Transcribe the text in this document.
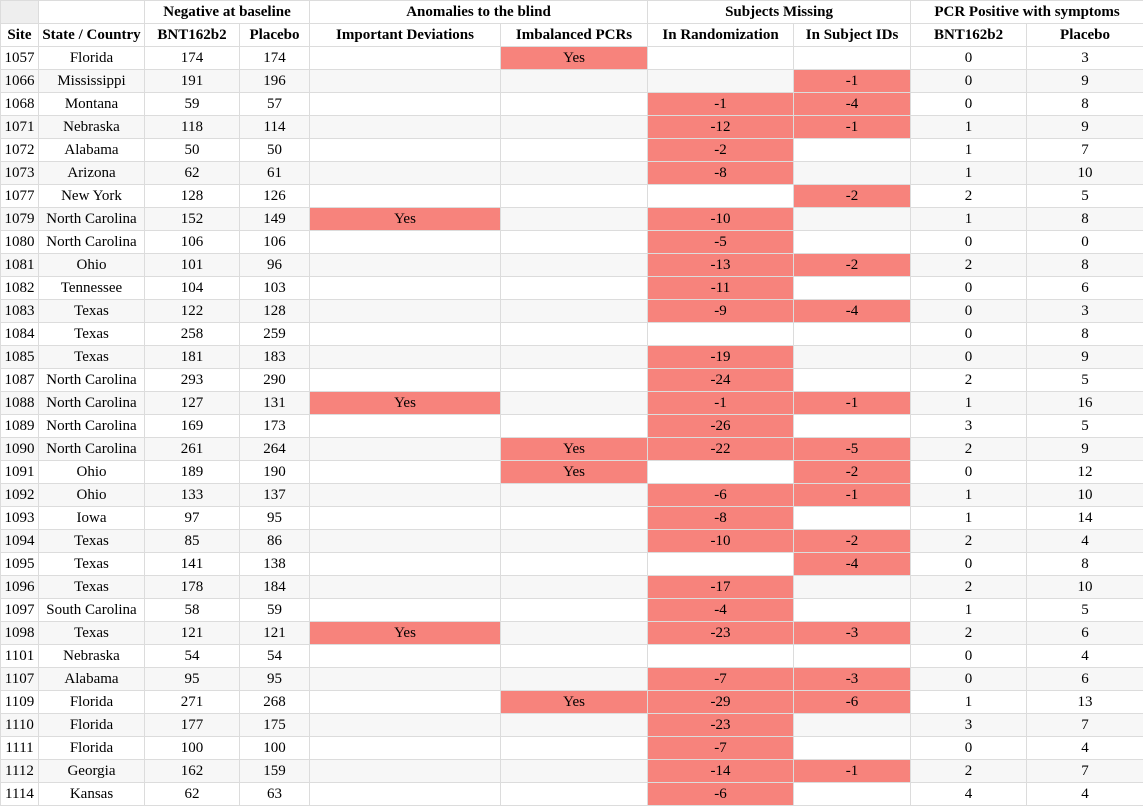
		Negative at baseline		Anomalies to the blind		Subjects Missing		PCR Positive with symptoms	
Site	State / Country	BNT162b2	Placebo	Important Deviations	Imbalanced PCRs	In Randomization	In Subject IDs	BNT162b2	Placebo
1057	Florida	174	174		Yes			0	3
1066	Mississippi	191	196				-1	0	9
1068	Montana	59	57			-1	-4	0	8
1071	Nebraska	118	114			-12	-1	1	9
1072	Alabama	50	50			-2		1	7
1073	Arizona	62	61			-8		1	10
1077	New York	128	126				-2	2	5
1079	North Carolina	152	149	Yes		-10		1	8
1080	North Carolina	106	106			-5		0	0
1081	Ohio	101	96			-13	-2	2	8
1082	Tennessee	104	103			-11		0	6
1083	Texas	122	128			-9	-4	0	3
1084	Texas	258	259					0	8
1085	Texas	181	183			-19		0	9
1087	North Carolina	293	290			-24		2	5
1088	North Carolina	127	131	Yes		-1	-1	1	16
1089	North Carolina	169	173			-26		3	5
1090	North Carolina	261	264		Yes	-22	-5	2	9
1091	Ohio	189	190		Yes		-2	0	12
1092	Ohio	133	137			-6	-1	1	10
1093	Iowa	97	95			-8		1	14
1094	Texas	85	86			-10	-2	2	4
1095	Texas	141	138				-4	0	8
1096	Texas	178	184			-17		2	10
1097	South Carolina	58	59			-4		1	5
1098	Texas	121	121	Yes		-23	-3	2	6
1101	Nebraska	54	54					0	4
1107	Alabama	95	95			-7	-3	0	6
1109	Florida	271	268		Yes	-29	-6	1	13
1110	Florida	177	175			-23		3	7
1111	Florida	100	100			-7		0	4
1112	Georgia	162	159			-14	-1	2	7
1114	Kansas	62	63			-6		4	4
